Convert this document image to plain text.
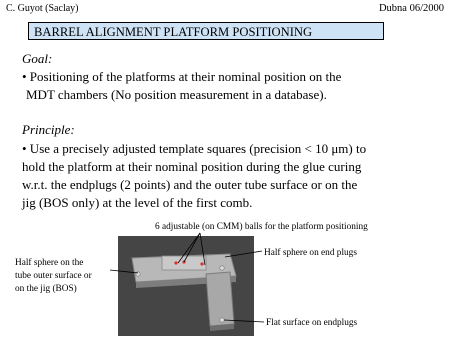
C. Guyot (Saclay)	Dubna 06/2000
BARREL ALIGNMENT PLATFORM POSITIONING
Goal:
• Positioning of the platforms at their nominal position on the
MDT chambers (No position measurement in a database).
Principle:
• Use a precisely adjusted template squares (precision < 10 μm) to
hold the platform at their nominal position during the glue curing
w.r.t. the endplugs (2 points) and the outer tube surface or on the
jig (BOS only) at the level of the first comb.
6 adjustable (on CMM) balls for the platform positioning
Half sphere on end plugs
Half sphere on the
tube outer surface or
on the jig (BOS)
Flat surface on endplugs
